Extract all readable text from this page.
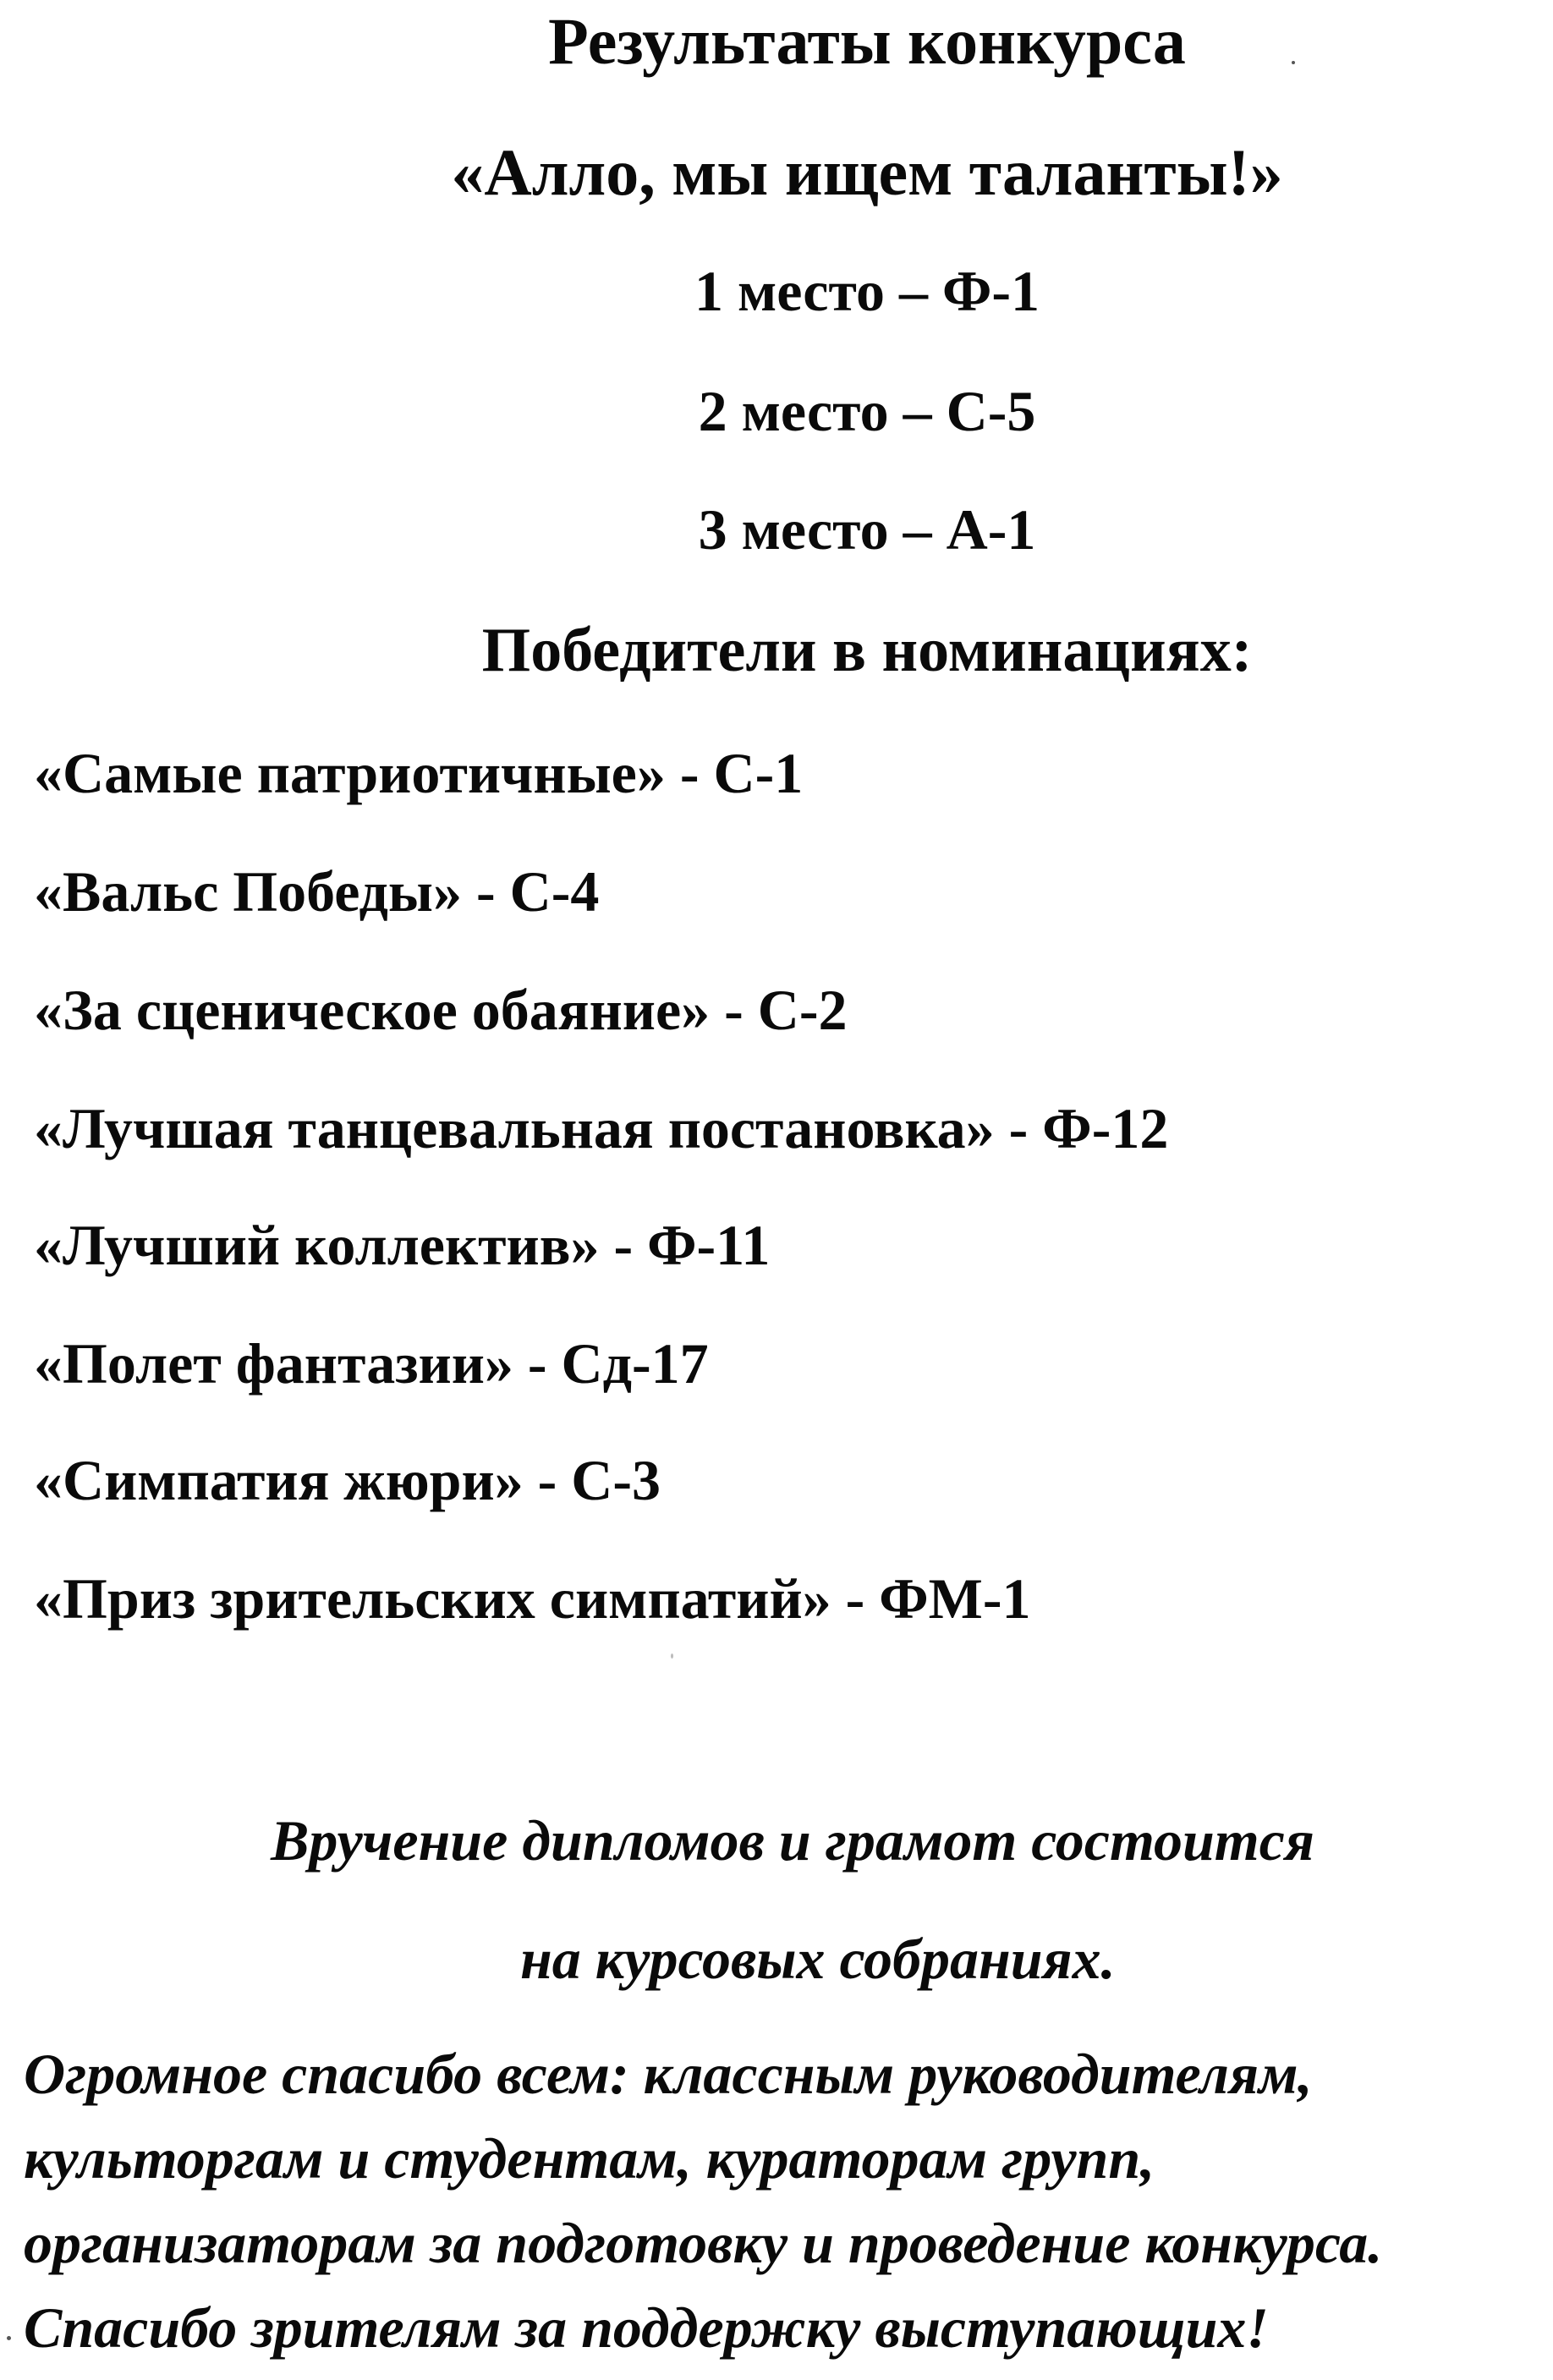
Результаты конкурса
«Алло, мы ищем таланты!»
1 место – Ф-1
2 место – С-5
3 место – А-1
Победители в номинациях:
«Самые патриотичные» - С-1
«Вальс Победы» - С-4
«За сценическое обаяние» - С-2
«Лучшая танцевальная постановка» - Ф-12
«Лучший коллектив» - Ф-11
«Полет фантазии» - Сд-17
«Симпатия жюри» - С-3
«Приз зрительских симпатий» - ФМ-1
Вручение дипломов и грамот состоится
на курсовых собраниях.
Огромное спасибо всем: классным руководителям,
культоргам и студентам, кураторам групп,
организаторам за подготовку и проведение конкурса.
Спасибо зрителям за поддержку выступающих!
